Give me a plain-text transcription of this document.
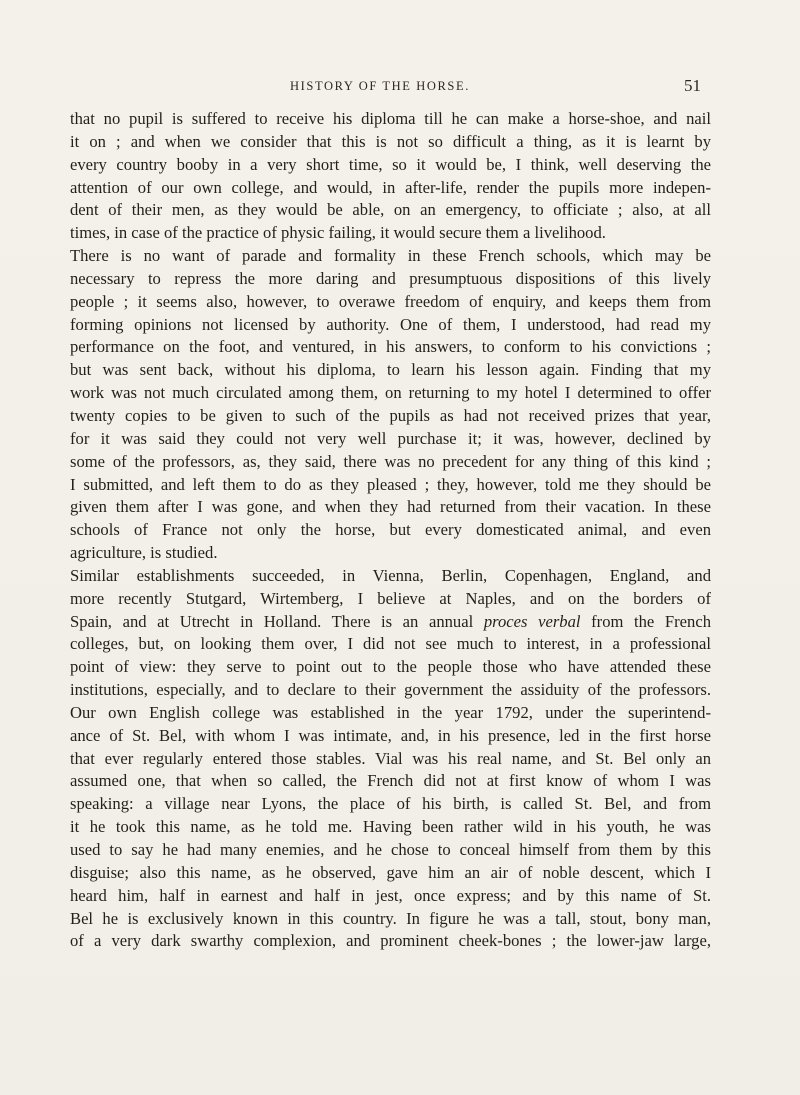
HISTORY OF THE HORSE.	51
that no pupil is suffered to receive his diploma till he can make a horse-shoe, and nail
it on ; and when we consider that this is not so difficult a thing, as it is learnt by
every country booby in a very short time, so it would be, I think, well deserving the
attention of our own college, and would, in after-life, render the pupils more indepen-
dent of their men, as they would be able, on an emergency, to officiate ; also, at all
times, in case of the practice of physic failing, it would secure them a livelihood.
There is no want of parade and formality in these French schools, which may be
necessary to repress the more daring and presumptuous dispositions of this lively
people ; it seems also, however, to overawe freedom of enquiry, and keeps them from
forming opinions not licensed by authority. One of them, I understood, had read my
performance on the foot, and ventured, in his answers, to conform to his convictions ;
but was sent back, without his diploma, to learn his lesson again. Finding that my
work was not much circulated among them, on returning to my hotel I determined to offer
twenty copies to be given to such of the pupils as had not received prizes that year,
for it was said they could not very well purchase it; it was, however, declined by
some of the professors, as, they said, there was no precedent for any thing of this kind ;
I submitted, and left them to do as they pleased ; they, however, told me they should be
given them after I was gone, and when they had returned from their vacation. In these
schools of France not only the horse, but every domesticated animal, and even
agriculture, is studied.
Similar establishments succeeded, in Vienna, Berlin, Copenhagen, England, and
more recently Stutgard, Wirtemberg, I believe at Naples, and on the borders of
Spain, and at Utrecht in Holland. There is an annual proces verbal from the French
colleges, but, on looking them over, I did not see much to interest, in a professional
point of view: they serve to point out to the people those who have attended these
institutions, especially, and to declare to their government the assiduity of the professors.
Our own English college was established in the year 1792, under the superintend-
ance of St. Bel, with whom I was intimate, and, in his presence, led in the first horse
that ever regularly entered those stables. Vial was his real name, and St. Bel only an
assumed one, that when so called, the French did not at first know of whom I was
speaking: a village near Lyons, the place of his birth, is called St. Bel, and from
it he took this name, as he told me. Having been rather wild in his youth, he was
used to say he had many enemies, and he chose to conceal himself from them by this
disguise; also this name, as he observed, gave him an air of noble descent, which I
heard him, half in earnest and half in jest, once express; and by this name of St.
Bel he is exclusively known in this country. In figure he was a tall, stout, bony man,
of a very dark swarthy complexion, and prominent cheek-bones ; the lower-jaw large,
